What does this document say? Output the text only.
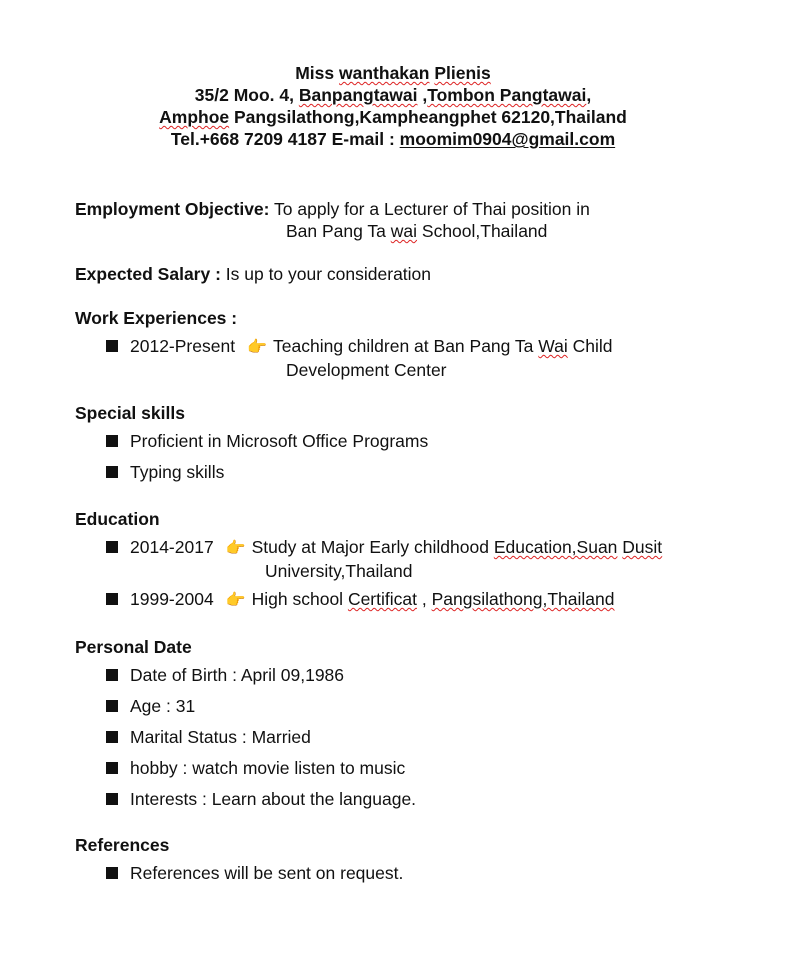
Miss wanthakan Plienis
35/2 Moo. 4, Banpangtawai ,Tombon Pangtawai,
Amphoe Pangsilathong,Kampheangphet 62120,Thailand
Tel.+668 7209 4187 E-mail : moomim0904@gmail.com
Employment Objective: To apply for a Lecturer of Thai position in
Ban Pang Ta wai School,Thailand
Expected Salary : Is up to your consideration
Work Experiences :
2012-Present 👉 Teaching children at Ban Pang Ta Wai Child
Development Center
Special skills
Proficient in Microsoft Office Programs
Typing skills
Education
2014-2017 👉 Study at Major Early childhood Education,Suan Dusit
University,Thailand
1999-2004 👉 High school Certificat , Pangsilathong,Thailand
Personal Date
Date of Birth : April 09,1986
Age : 31
Marital Status : Married
hobby : watch movie listen to music
Interests : Learn about the language.
References
References will be sent on request.
